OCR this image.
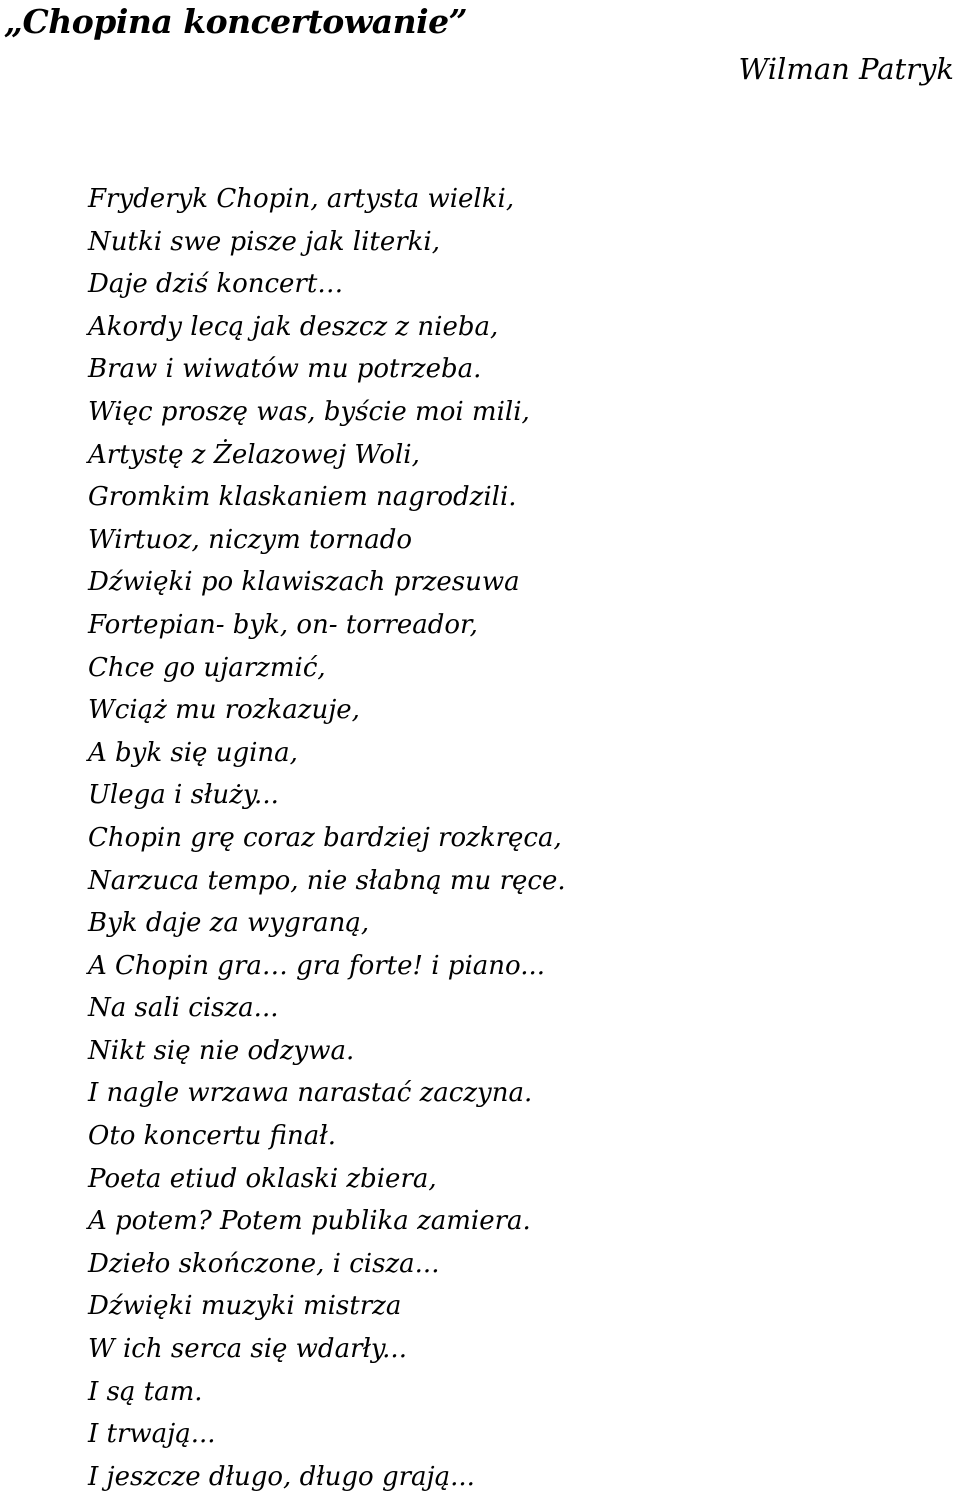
„Chopina koncertowanie”
Wilman Patryk
Fryderyk Chopin, artysta wielki,
Nutki swe pisze jak literki,
Daje dziś koncert…
Akordy lecą jak deszcz z nieba,
Braw i wiwatów mu potrzeba.
Więc proszę was, byście moi mili,
Artystę z Żelazowej Woli,
Gromkim klaskaniem nagrodzili.
Wirtuoz, niczym tornado
Dźwięki po klawiszach przesuwa
Fortepian- byk, on- torreador,
Chce go ujarzmić,
Wciąż mu rozkazuje,
A byk się ugina,
Ulega i służy...
Chopin grę coraz bardziej rozkręca,
Narzuca tempo, nie słabną mu ręce.
Byk daje za wygraną,
A Chopin gra… gra forte! i piano...
Na sali cisza...
Nikt się nie odzywa.
I nagle wrzawa narastać zaczyna.
Oto koncertu finał.
Poeta etiud oklaski zbiera,
A potem? Potem publika zamiera.
Dzieło skończone, i cisza...
Dźwięki muzyki mistrza
W ich serca się wdarły...
I są tam.
I trwają...
I jeszcze długo, długo grają...
